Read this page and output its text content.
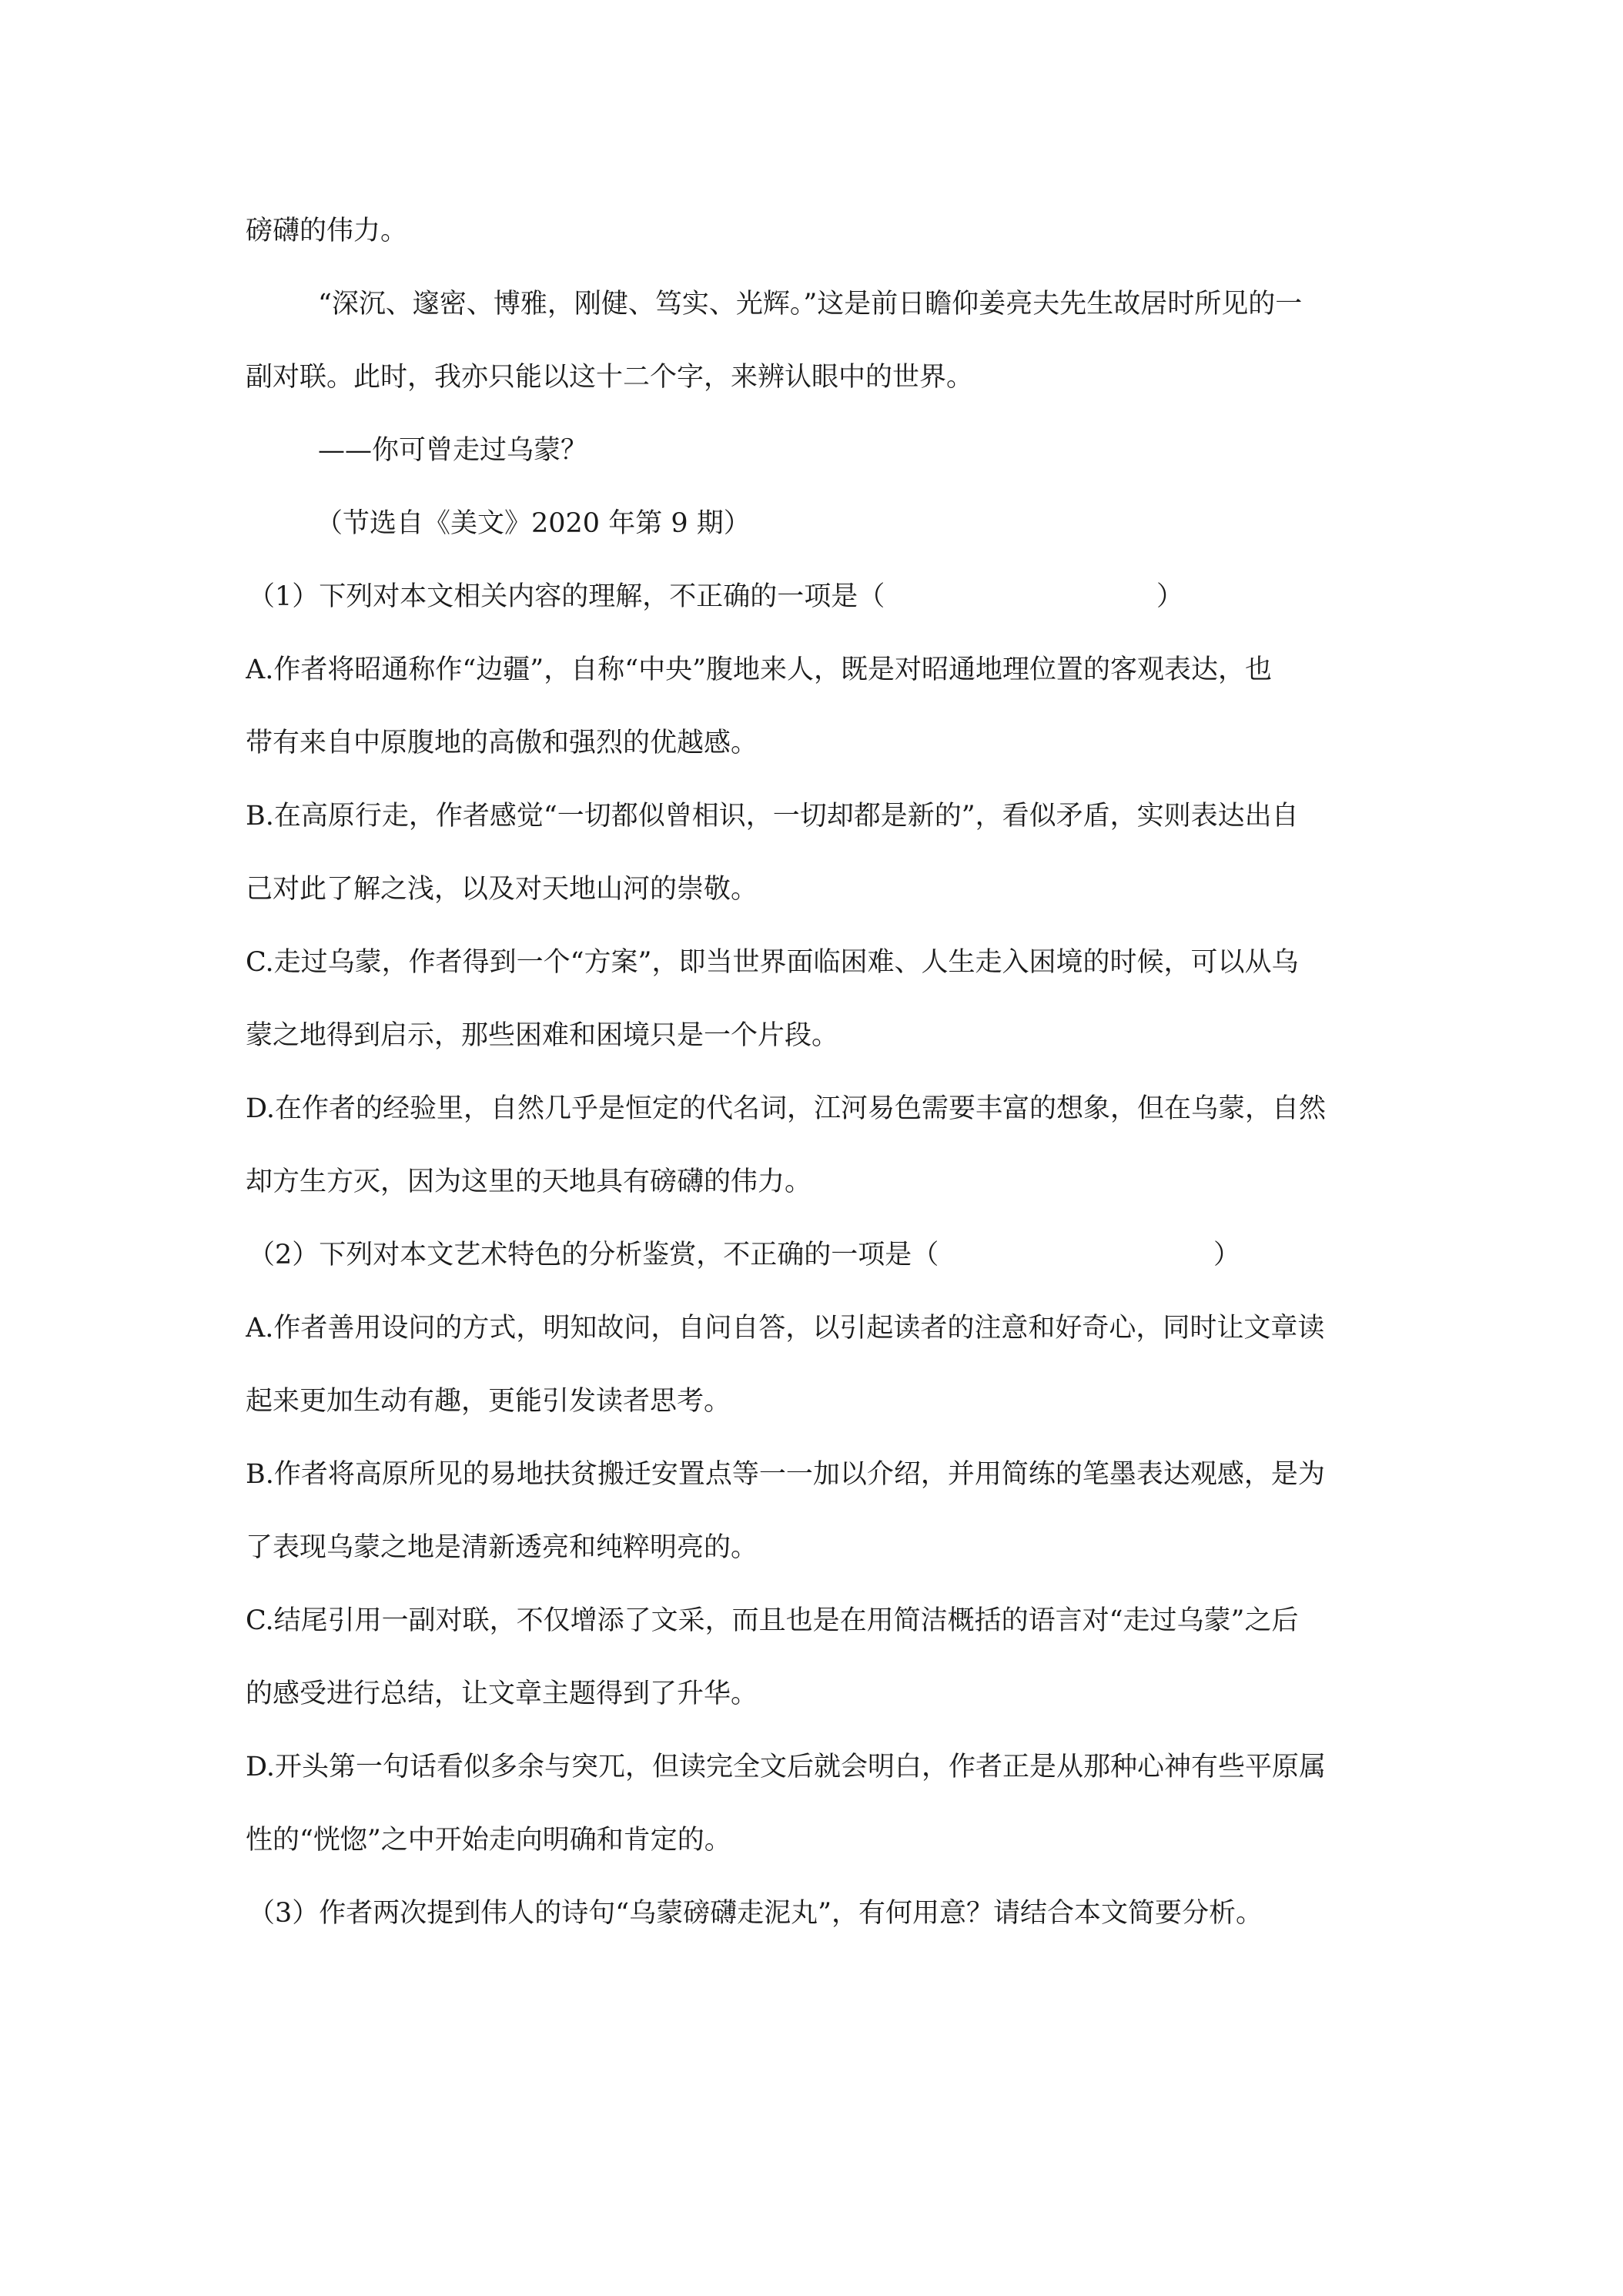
磅礴的伟力。
“深沉、邃密、博雅，刚健、笃实、光辉。”这是前日瞻仰姜亮夫先生故居时所见的一
副对联。此时，我亦只能以这十二个字，来辨认眼中的世界。
——你可曾走过乌蒙？
（节选自《美文》2020 年第 9 期）
（1）下列对本文相关内容的理解，不正确的一项是（	）
A.作者将昭通称作“边疆”，自称“中央”腹地来人，既是对昭通地理位置的客观表达，也
带有来自中原腹地的高傲和强烈的优越感。
B.在高原行走，作者感觉“一切都似曾相识，一切却都是新的”，看似矛盾，实则表达出自
己对此了解之浅，以及对天地山河的崇敬。
C.走过乌蒙，作者得到一个“方案”，即当世界面临困难、人生走入困境的时候，可以从乌
蒙之地得到启示，那些困难和困境只是一个片段。
D.在作者的经验里，自然几乎是恒定的代名词，江河易色需要丰富的想象，但在乌蒙，自然
却方生方灭，因为这里的天地具有磅礴的伟力。
（2）下列对本文艺术特色的分析鉴赏，不正确的一项是（	）
A.作者善用设问的方式，明知故问，自问自答，以引起读者的注意和好奇心，同时让文章读
起来更加生动有趣，更能引发读者思考。
B.作者将高原所见的易地扶贫搬迁安置点等一一加以介绍，并用简练的笔墨表达观感，是为
了表现乌蒙之地是清新透亮和纯粹明亮的。
C.结尾引用一副对联，不仅增添了文采，而且也是在用简洁概括的语言对“走过乌蒙”之后
的感受进行总结，让文章主题得到了升华。
D.开头第一句话看似多余与突兀，但读完全文后就会明白，作者正是从那种心神有些平原属
性的“恍惚”之中开始走向明确和肯定的。
（3）作者两次提到伟人的诗句“乌蒙磅礴走泥丸”，有何用意？请结合本文简要分析。
